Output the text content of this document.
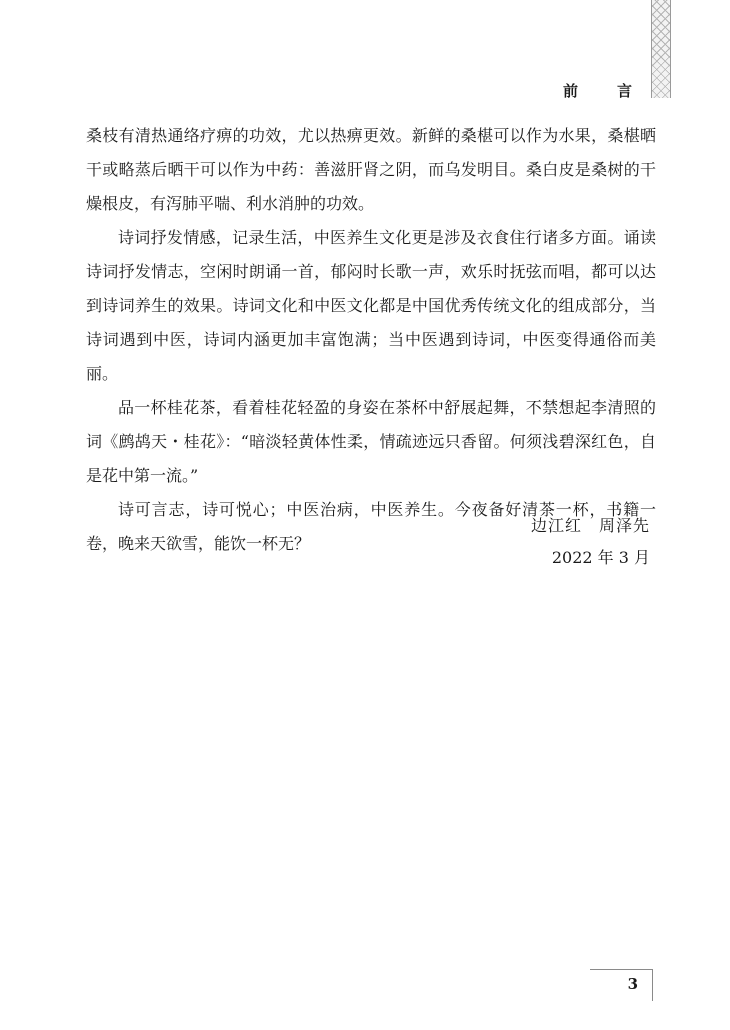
前　言

桑枝有清热通络疗痹的功效，尤以热痹更效。新鲜的桑椹可以作为水果，桑椹晒干或略蒸后晒干可以作为中药：善滋肝肾之阴，而乌发明目。桑白皮是桑树的干燥根皮，有泻肺平喘、利水消肿的功效。

诗词抒发情感，记录生活，中医养生文化更是涉及衣食住行诸多方面。诵读诗词抒发情志，空闲时朗诵一首，郁闷时长歌一声，欢乐时抚弦而唱，都可以达到诗词养生的效果。诗词文化和中医文化都是中国优秀传统文化的组成部分，当诗词遇到中医，诗词内涵更加丰富饱满；当中医遇到诗词，中医变得通俗而美丽。

品一杯桂花茶，看着桂花轻盈的身姿在茶杯中舒展起舞，不禁想起李清照的词《鹧鸪天・桂花》：“暗淡轻黄体性柔，情疏迹远只香留。何须浅碧深红色，自是花中第一流。”

诗可言志，诗可悦心；中医治病，中医养生。今夜备好清茶一杯，书籍一卷，晚来天欲雪，能饮一杯无？

边江红　周泽先
2022 年 3 月
3
